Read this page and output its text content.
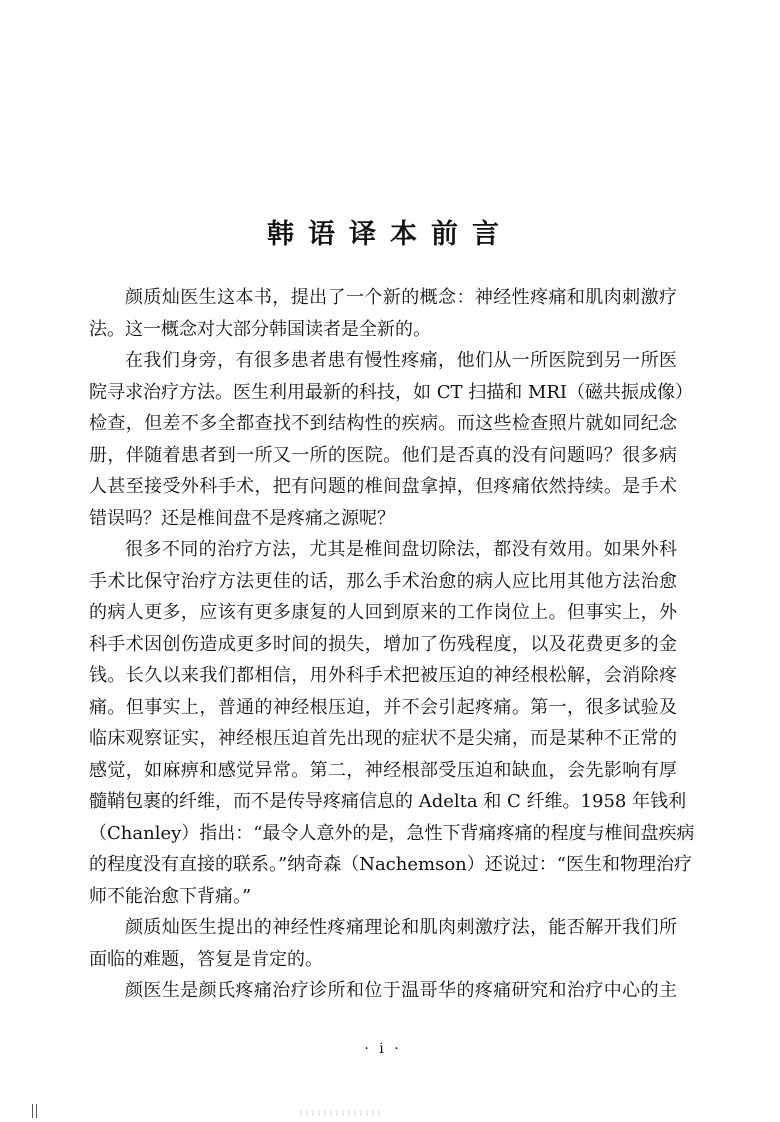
韩语译本前言
颜质灿医生这本书，提出了一个新的概念：神经性疼痛和肌肉刺激疗
法。这一概念对大部分韩国读者是全新的。
在我们身旁，有很多患者患有慢性疼痛，他们从一所医院到另一所医
院寻求治疗方法。医生利用最新的科技，如 CT 扫描和 MRI（磁共振成像）
检查，但差不多全都查找不到结构性的疾病。而这些检查照片就如同纪念
册，伴随着患者到一所又一所的医院。他们是否真的没有问题吗？很多病
人甚至接受外科手术，把有问题的椎间盘拿掉，但疼痛依然持续。是手术
错误吗？还是椎间盘不是疼痛之源呢？
很多不同的治疗方法，尤其是椎间盘切除法，都没有效用。如果外科
手术比保守治疗方法更佳的话，那么手术治愈的病人应比用其他方法治愈
的病人更多，应该有更多康复的人回到原来的工作岗位上。但事实上，外
科手术因创伤造成更多时间的损失，增加了伤残程度，以及花费更多的金
钱。长久以来我们都相信，用外科手术把被压迫的神经根松解，会消除疼
痛。但事实上，普通的神经根压迫，并不会引起疼痛。第一，很多试验及
临床观察证实，神经根压迫首先出现的症状不是尖痛，而是某种不正常的
感觉，如麻痹和感觉异常。第二，神经根部受压迫和缺血，会先影响有厚
髓鞘包裹的纤维，而不是传导疼痛信息的 Adelta 和 C 纤维。1958 年钱利
（Chanley）指出：“最令人意外的是，急性下背痛疼痛的程度与椎间盘疾病
的程度没有直接的联系。”纳奇森（Nachemson）还说过：“医生和物理治疗
师不能治愈下背痛。”
颜质灿医生提出的神经性疼痛理论和肌肉刺激疗法，能否解开我们所
面临的难题，答复是肯定的。
颜医生是颜氏疼痛治疗诊所和位于温哥华的疼痛研究和治疗中心的主
· i ·
